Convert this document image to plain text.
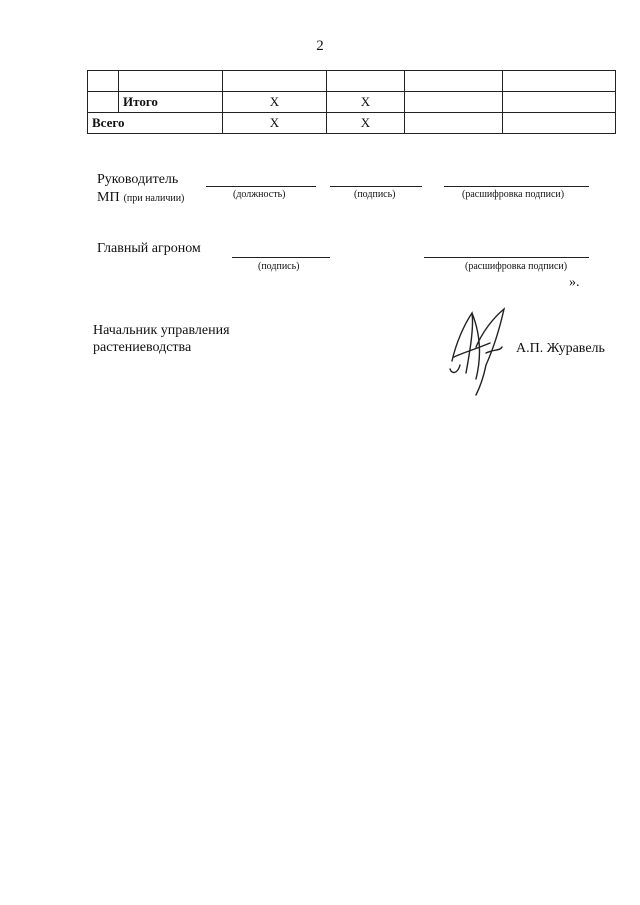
2

	Итого	Х	Х		
Всего		Х	Х		
Руководитель
МП (при наличии)	(должность)	(подпись)	(расшифровка подписи)
Главный агроном
(подпись)	(расшифровка подписи)
».
Начальник управления
растениеводства	А.П. Журавель
